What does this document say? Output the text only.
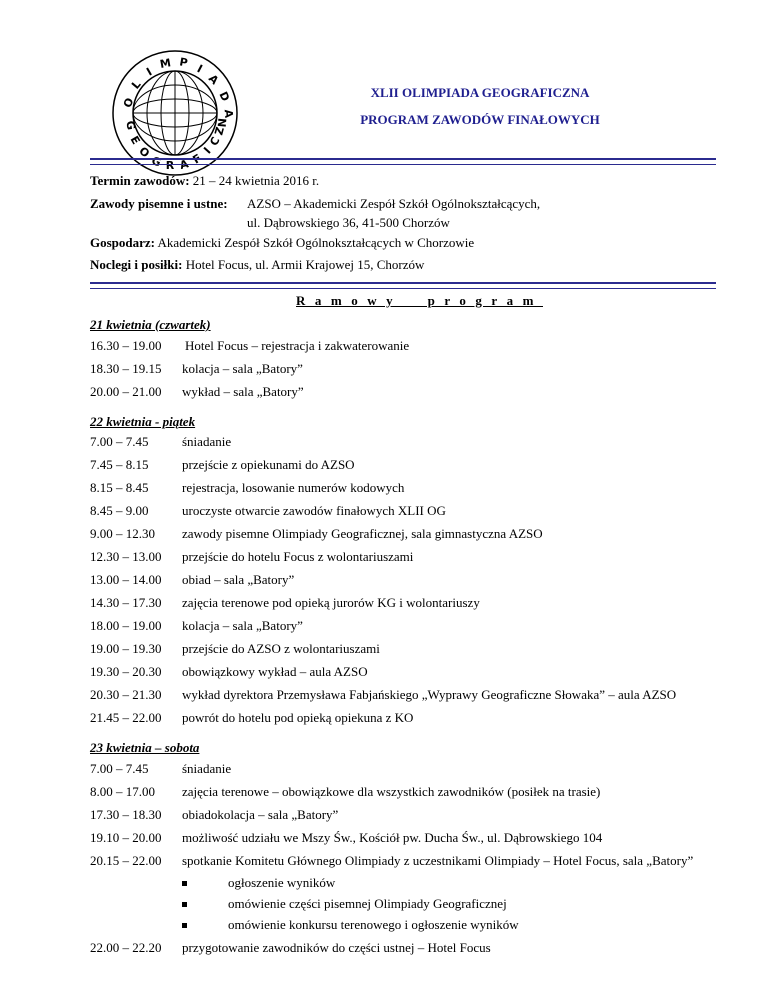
O
L
I
M P I
A
D
A
G
E
O
G R A F
I
C
Z
N
XLII OLIMPIADA GEOGRAFICZNA
PROGRAM ZAWODÓW FINAŁOWYCH
Termin zawodów: 21 – 24 kwietnia 2016 r.
Zawody pisemne i ustne: AZSO – Akademicki Zespół Szkół Ogólnokształcących,
ul. Dąbrowskiego 36, 41-500 Chorzów
Gospodarz: Akademicki Zespół Szkół Ogólnokształcących w Chorzowie
Noclegi i posiłki: Hotel Focus, ul. Armii Krajowej 15, Chorzów
Ramowy  program
21 kwietnia (czwartek)
16.30 – 19.00 Hotel Focus – rejestracja i zakwaterowanie
18.30 – 19.15 kolacja – sala „Batory”
20.00 – 21.00 wykład – sala „Batory”
22 kwietnia - piątek
7.00 – 7.45	śniadanie
7.45 – 8.15	przejście z opiekunami do AZSO
8.15 – 8.45	rejestracja, losowanie numerów kodowych
8.45 – 9.00	uroczyste otwarcie zawodów finałowych XLII OG
9.00 – 12.30 zawody pisemne Olimpiady Geograficznej, sala gimnastyczna AZSO
12.30 – 13.00 przejście do hotelu Focus z wolontariuszami
13.00 – 14.00 obiad – sala „Batory”
14.30 – 17.30 zajęcia terenowe pod opieką jurorów KG i wolontariuszy
18.00 – 19.00 kolacja – sala „Batory”
19.00 – 19.30 przejście do AZSO z wolontariuszami
19.30 – 20.30 obowiązkowy wykład – aula AZSO
20.30 – 21.30 wykład dyrektora Przemysława Fabjańskiego „Wyprawy Geograficzne Słowaka” – aula AZSO
21.45 – 22.00 powrót do hotelu pod opieką opiekuna z KO
23 kwietnia – sobota
7.00 – 7.45	śniadanie
8.00 – 17.00 zajęcia terenowe – obowiązkowe dla wszystkich zawodników (posiłek na trasie)
17.30 – 18.30 obiadokolacja – sala „Batory”
19.10 – 20.00 możliwość udziału we Mszy Św., Kościół pw. Ducha Św., ul. Dąbrowskiego 104
20.15 – 22.00 spotkanie Komitetu Głównego Olimpiady z uczestnikami Olimpiady – Hotel Focus, sala „Batory”
ogłoszenie wyników
omówienie części pisemnej Olimpiady Geograficznej
omówienie konkursu terenowego i ogłoszenie wyników
22.00 – 22.20 przygotowanie zawodników do części ustnej – Hotel Focus
